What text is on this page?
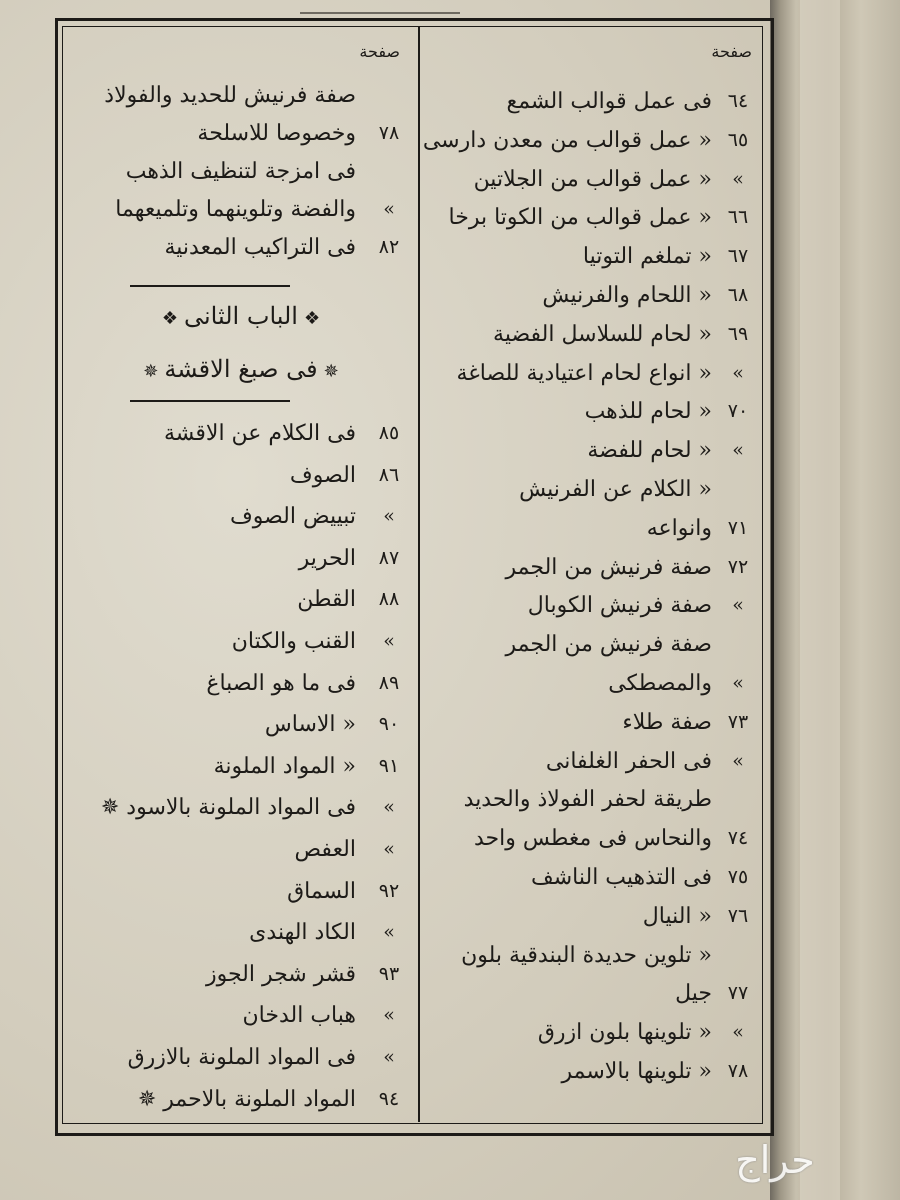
صفحة
٦٤
فى عمل قوالب الشمع
٦٥
« عمل قوالب من معدن دارسى
«
« عمل قوالب من الجلاتين
٦٦
« عمل قوالب من الكوتا برخا
٦٧
« تملغم التوتيا
٦٨
« اللحام والفرنيش
٦٩
« لحام للسلاسل الفضية
«
« انواع لحام اعتيادية للصاغة
٧٠
« لحام للذهب
«
« لحام للفضة
« الكلام عن الفرنيش
٧١
وانواعه
٧٢
صفة فرنيش من الجمر
«
صفة فرنيش الكوبال
صفة فرنيش من الجمر
«
والمصطكى
٧٣
صفة طلاء
«
فى الحفر الغلفانى
طريقة لحفر الفولاذ والحديد
٧٤
والنحاس فى مغطس واحد
٧٥
فى التذهيب الناشف
٧٦
« النيال
« تلوين حديدة البندقية بلون
٧٧
جيل
«
« تلوينها بلون ازرق
٧٨
« تلوينها بالاسمر
صفحة
صفة فرنيش للحديد والفولاذ
٧٨
وخصوصا للاسلحة
فى امزجة لتنظيف الذهب
«
والفضة وتلوينهما وتلميعهما
٨٢
فى التراكيب المعدنية
٨٥
فى الكلام عن الاقشة
٨٦
الصوف
«
تبييض الصوف
٨٧
الحرير
٨٨
القطن
«
القنب والكتان
٨٩
فى ما هو الصباغ
٩٠
« الاساس
٩١
« المواد الملونة
«
فى المواد الملونة بالاسود ✵
«
العفص
٩٢
السماق
«
الكاد الهندى
٩٣
قشر شجر الجوز
«
هباب الدخان
«
فى المواد الملونة بالازرق
٩٤
المواد الملونة بالاحمر ✵
❖الباب الثانى❖
✵فى صبغ الاقشة✵
حراج
